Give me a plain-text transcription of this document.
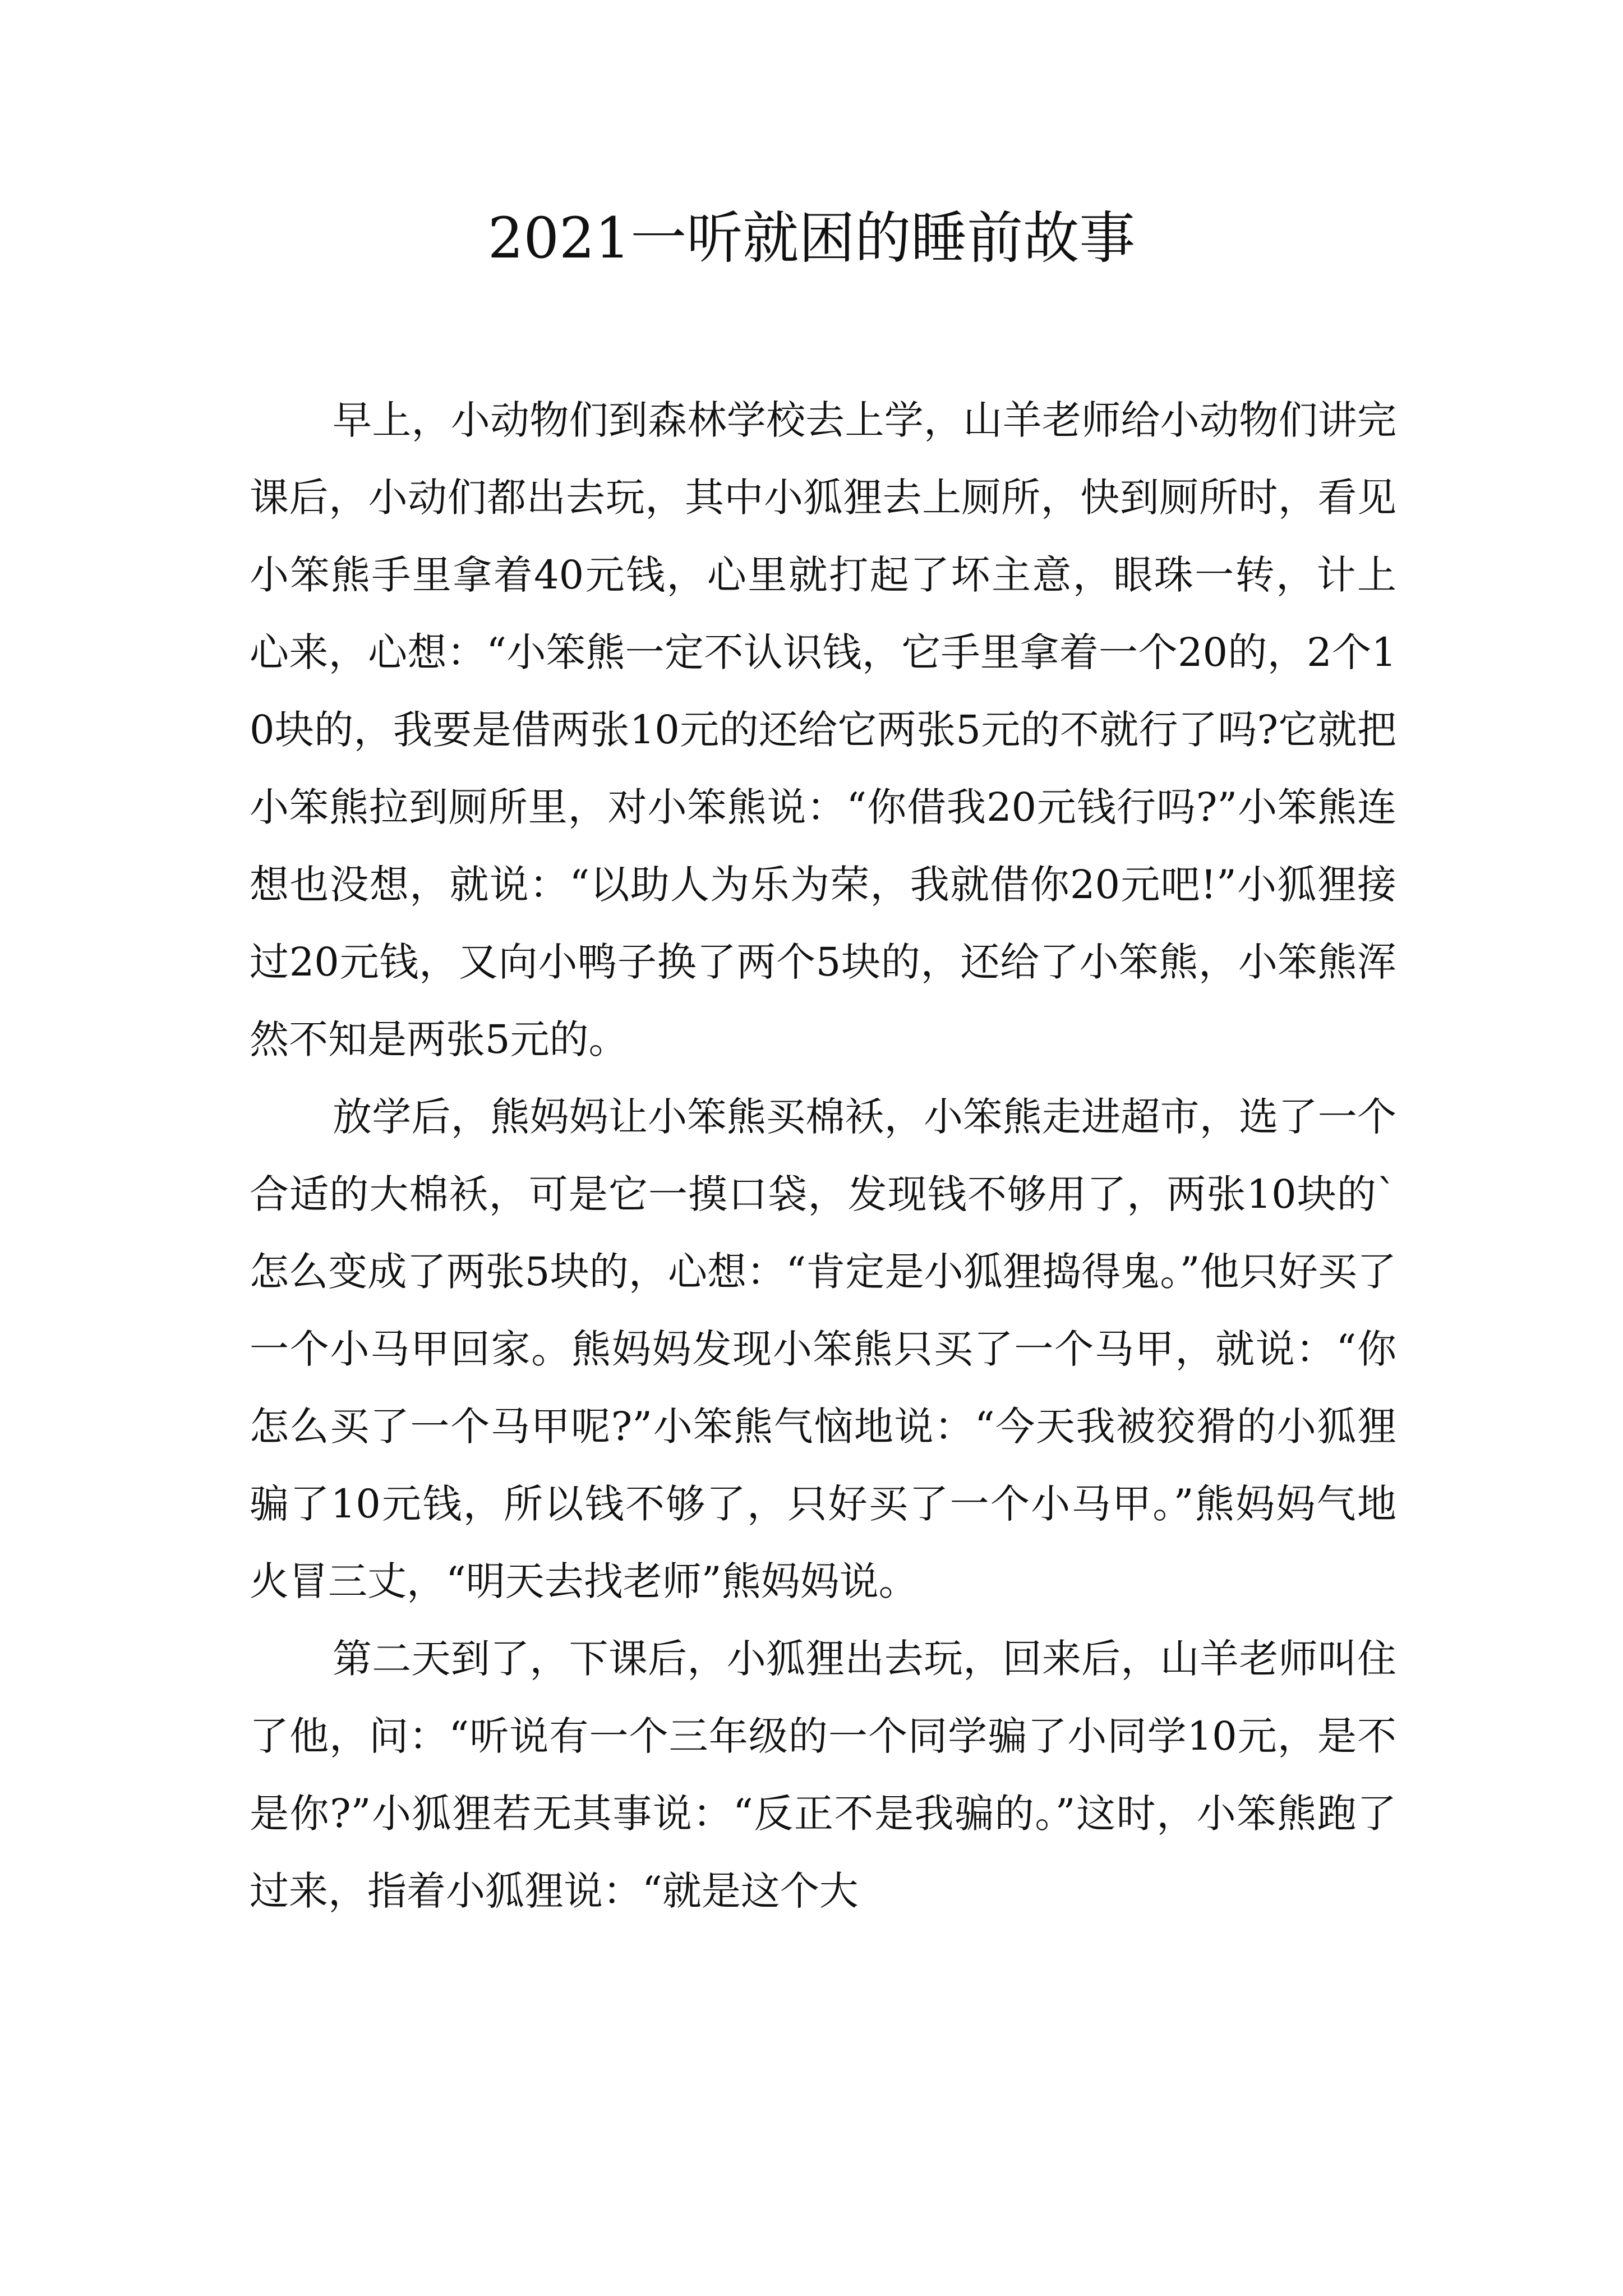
2021一听就困的睡前故事

早上，小动物们到森林学校去上学，山羊老师给小动物们讲完课后，小动们都出去玩，其中小狐狸去上厕所，快到厕所时，看见小笨熊手里拿着40元钱，心里就打起了坏主意，眼珠一转，计上心来，心想：“小笨熊一定不认识钱，它手里拿着一个20的，2个10块的，我要是借两张10元的还给它两张5元的不就行了吗?它就把小笨熊拉到厕所里，对小笨熊说：“你借我20元钱行吗?”小笨熊连想也没想，就说：“以助人为乐为荣，我就借你20元吧!”小狐狸接过20元钱，又向小鸭子换了两个5块的，还给了小笨熊，小笨熊浑然不知是两张5元的。

放学后，熊妈妈让小笨熊买棉袄，小笨熊走进超市，选了一个合适的大棉袄，可是它一摸口袋，发现钱不够用了，两张10块的`怎么变成了两张5块的，心想：“肯定是小狐狸捣得鬼。”他只好买了一个小马甲回家。熊妈妈发现小笨熊只买了一个马甲，就说：“你怎么买了一个马甲呢?”小笨熊气恼地说：“今天我被狡猾的小狐狸骗了10元钱，所以钱不够了，只好买了一个小马甲。”熊妈妈气地火冒三丈，“明天去找老师”熊妈妈说。

第二天到了，下课后，小狐狸出去玩，回来后，山羊老师叫住了他，问：“听说有一个三年级的一个同学骗了小同学10元，是不是你?”小狐狸若无其事说：“反正不是我骗的。”这时，小笨熊跑了过来，指着小狐狸说：“就是这个大
